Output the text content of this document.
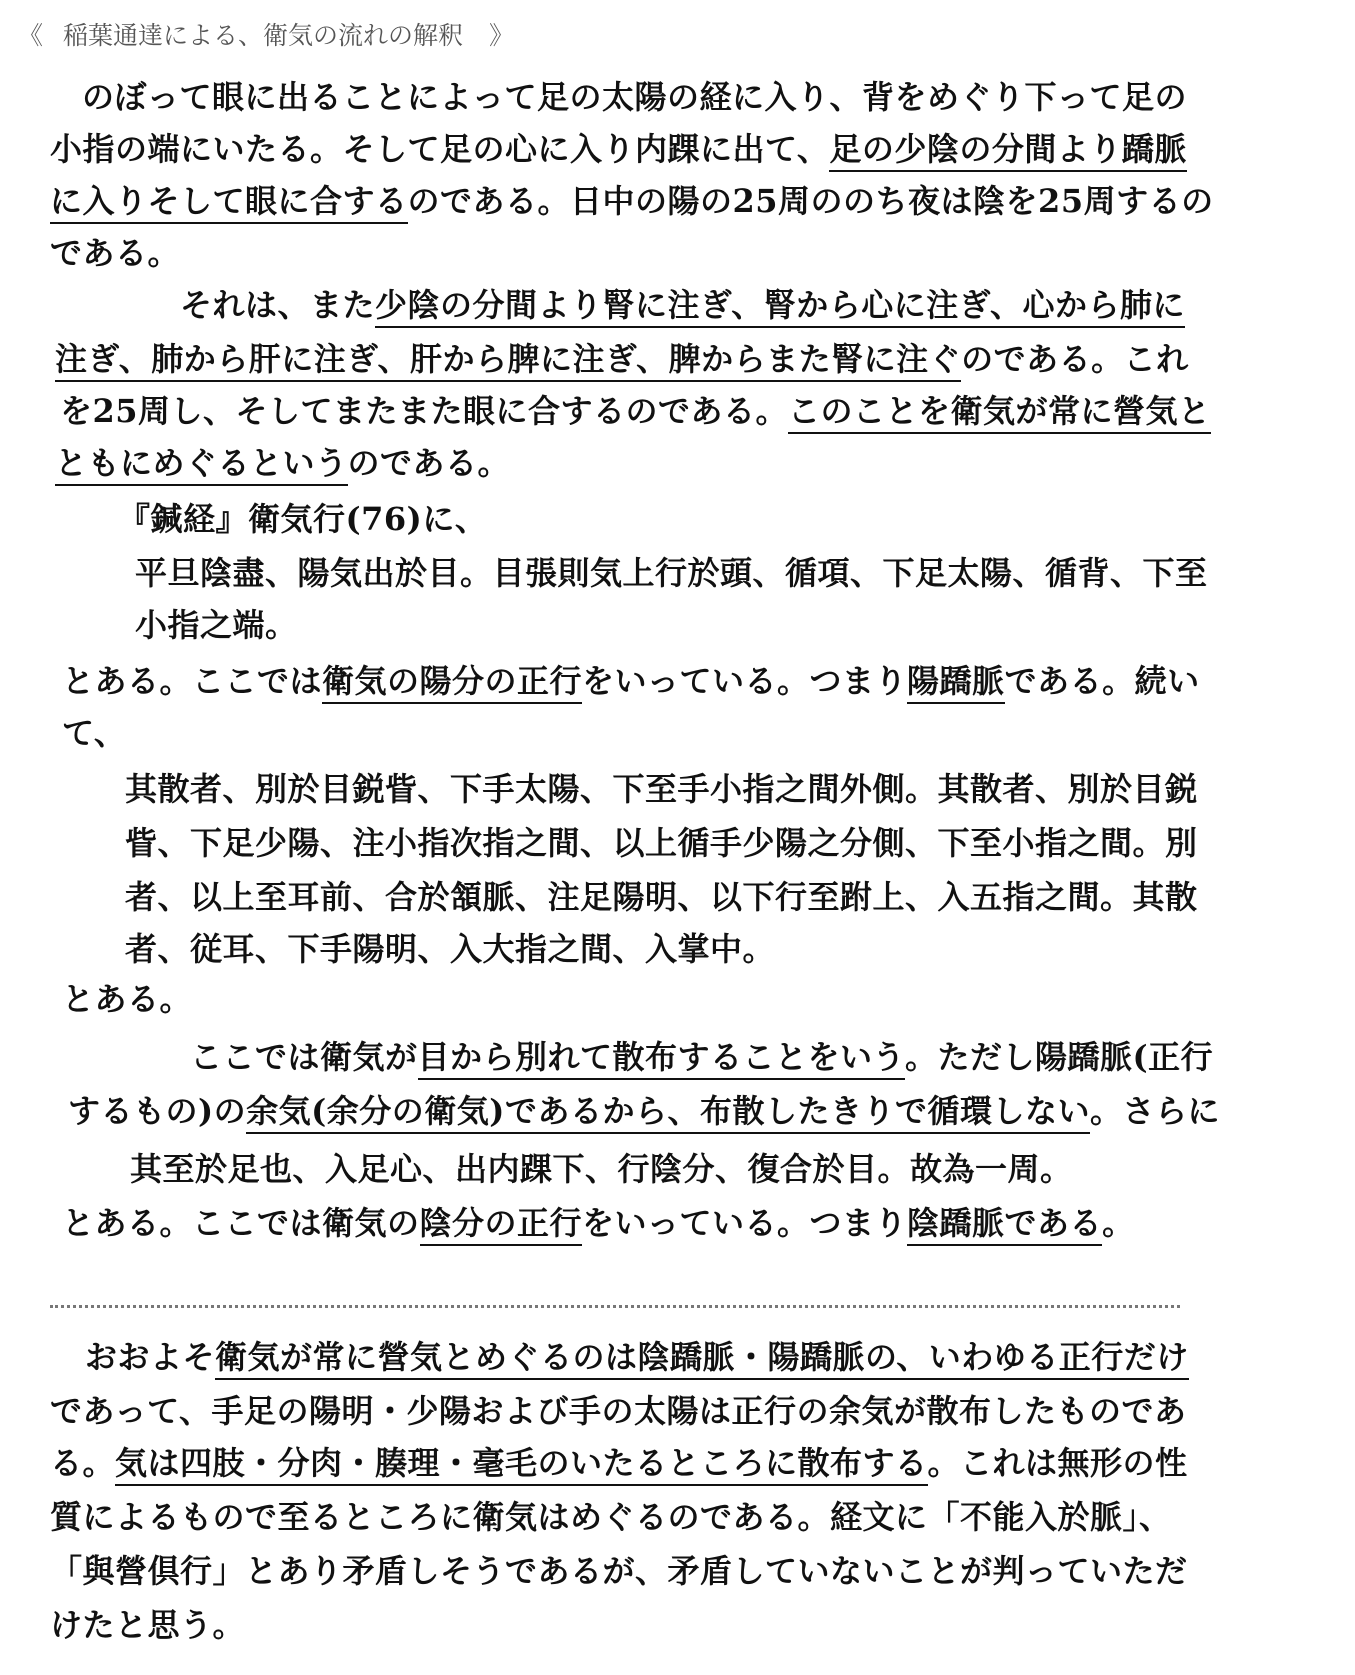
《 稲葉通達による、衛気の流れの解釈 》
のぼって眼に出ることによって足の太陽の経に入り、背をめぐり下って足の
小指の端にいたる。そして足の心に入り内踝に出て、足の少陰の分間より蹻脈
に入りそして眼に合するのである。日中の陽の25周ののち夜は陰を25周するの
である。
それは、また少陰の分間より腎に注ぎ、腎から心に注ぎ、心から肺に
注ぎ、肺から肝に注ぎ、肝から脾に注ぎ、脾からまた腎に注ぐのである。これ
を25周し、そしてまたまた眼に合するのである。このことを衛気が常に營気と
ともにめぐるというのである。
『鍼経』衛気行(76)に、
平旦陰盡、陽気出於目。目張則気上行於頭、循項、下足太陽、循背、下至
小指之端。
とある。ここでは衛気の陽分の正行をいっている。つまり陽蹻脈である。続い
て、
其散者、別於目鋭眥、下手太陽、下至手小指之間外側。其散者、別於目鋭
眥、下足少陽、注小指次指之間、以上循手少陽之分側、下至小指之間。別
者、以上至耳前、合於頷脈、注足陽明、以下行至跗上、入五指之間。其散
者、従耳、下手陽明、入大指之間、入掌中。
とある。
ここでは衛気が目から別れて散布することをいう。ただし陽蹻脈(正行
するもの)の余気(余分の衛気)であるから、布散したきりで循環しない。さらに
其至於足也、入足心、出内踝下、行陰分、復合於目。故為一周。
とある。ここでは衛気の陰分の正行をいっている。つまり陰蹻脈である。
おおよそ衛気が常に營気とめぐるのは陰蹻脈・陽蹻脈の、いわゆる正行だけ
であって、手足の陽明・少陽および手の太陽は正行の余気が散布したものであ
る。気は四肢・分肉・腠理・毫毛のいたるところに散布する。これは無形の性
質によるもので至るところに衛気はめぐるのである。経文に「不能入於脈」、
「與營倶行」とあり矛盾しそうであるが、矛盾していないことが判っていただ
けたと思う。
